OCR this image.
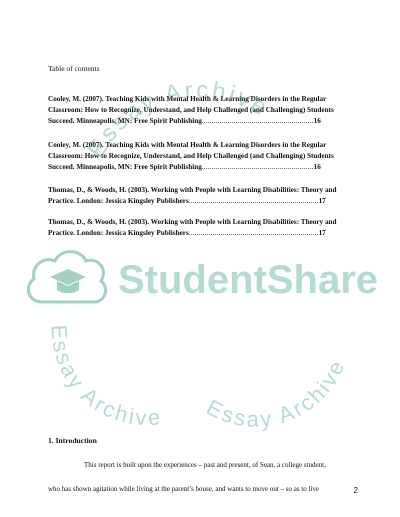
Table of contents
Cooley, M. (2007). Teaching Kids with Mental Health & Learning Disorders in the Regular Classroom: How to Recognize, Understand, and Help Challenged (and Challenging) Students Succeed. Minneapolis, MN: Free Spirit Publishing........................................................16
Cooley, M. (2007). Teaching Kids with Mental Health & Learning Disorders in the Regular Classroom: How to Recognize, Understand, and Help Challenged (and Challenging) Students Succeed. Minneapolis, MN: Free Spirit Publishing........................................................16
Thomas, D., & Woods, H. (2003). Working with People with Learning Disabilities: Theory and Practice. London: Jessica Kingsley Publishers.................................................................17
Thomas, D., & Woods, H. (2003). Working with People with Learning Disabilities: Theory and Practice. London: Jessica Kingsley Publishers.................................................................17
1. Introduction
This report is built upon the experiences – past and present, of Sean, a college student,
who has shown agitation while living at the parent’s house, and wants to move out – so as to live	2
Essay Archive
StudentShare
Essay Archive Essay Archive
